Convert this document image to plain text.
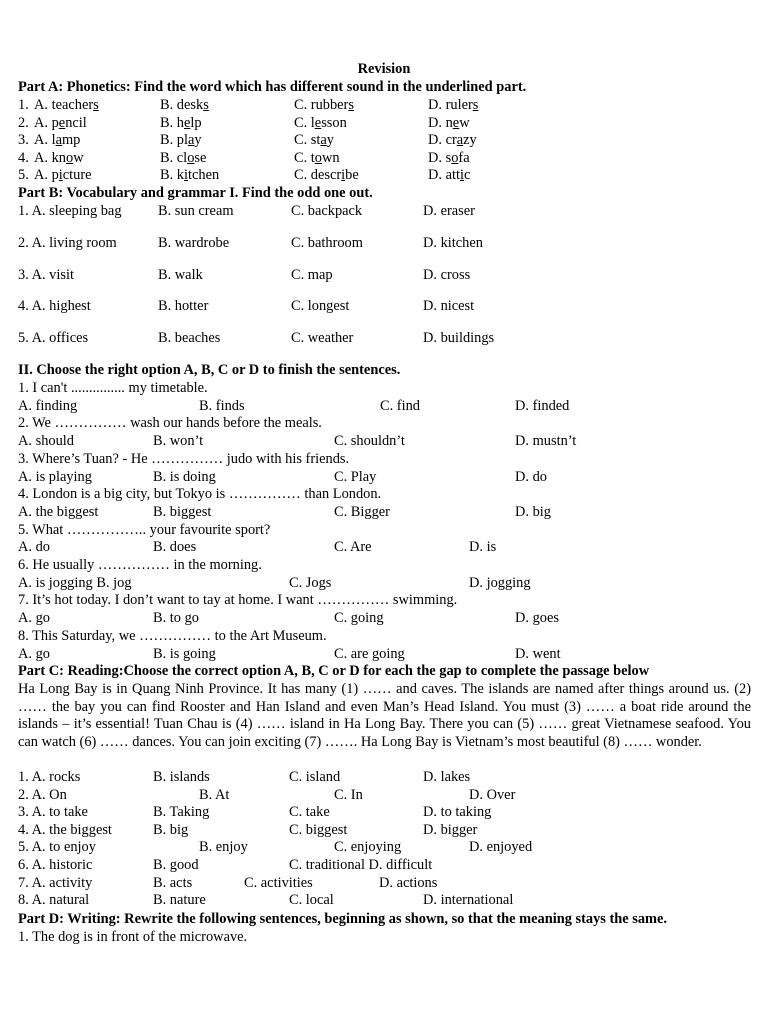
Revision
Part A: Phonetics: Find the word which has different sound in the underlined part.
1. A. teachers	B. desks	C. rubbers	D. rulers
2. A. pencil	B. help	C. lesson	D. new
3. A. lamp	B. play	C. stay	D. crazy
4. A. know	B. close	C. town	D. sofa
5. A. picture	B. kitchen	C. describe	D. attic
Part B: Vocabulary and grammar I. Find the odd one out.
1. A. sleeping bag	B. sun cream	C. backpack	D. eraser
2. A. living room	B. wardrobe	C. bathroom	D. kitchen
3. A. visit	B. walk	C. map	D. cross
4. A. highest	B. hotter	C. longest	D. nicest
5. A. offices	B. beaches	C. weather	D. buildings
II. Choose the right option A, B, C or D to finish the sentences.
1. I can't ............... my timetable.
A. finding	B. finds	C. find	D. finded
2. We …………… wash our hands before the meals.
A. should	B. won’t	C. shouldn’t	D. mustn’t
3. Where’s Tuan? - He …………… judo with his friends.
A. is playing	B. is doing	C. Play	D. do
4. London is a big city, but Tokyo is …………… than London.
A. the biggest	B. biggest	C. Bigger	D. big
5. What …………….. your favourite sport?
A. do	B. does	C. Are	D. is
6. He usually …………… in the morning.
A. is jogging B. jog	C. Jogs	D. jogging
7. It’s hot today. I don’t want to tay at home. I want …………… swimming.
A. go	B. to go	C. going	D. goes
8. This Saturday, we …………… to the Art Museum.
A. go	B. is going	C. are going	D. went
Part C: Reading:Choose the correct option A, B, C or D for each the gap to complete the passage below
Ha Long Bay is in Quang Ninh Province. It has many (1) …… and caves. The islands are named after things around us. (2) …… the bay you can find Rooster and Han Island and even Man’s Head Island. You must (3) …… a boat ride around the islands – it’s essential! Tuan Chau is (4) …… island in Ha Long Bay. There you can (5) …… great Vietnamese seafood. You can watch (6) …… dances. You can join exciting (7) ……. Ha Long Bay is Vietnam’s most beautiful (8) …… wonder.
1. A. rocks	B. islands	C. island	D. lakes
2. A. On	B. At	C. In	D. Over
3. A. to take	B. Taking	C. take	D. to taking
4. A. the biggest	B. big	C. biggest	D. bigger
5. A. to enjoy	B. enjoy	C. enjoying	D. enjoyed
6. A. historic	B. good	C. traditional D. difficult
7. A. activity	B. acts	C. activities	D. actions
8. A. natural	B. nature	C. local	D. international
Part D: Writing: Rewrite the following sentences, beginning as shown, so that the meaning stays the same.
1. The dog is in front of the microwave.
